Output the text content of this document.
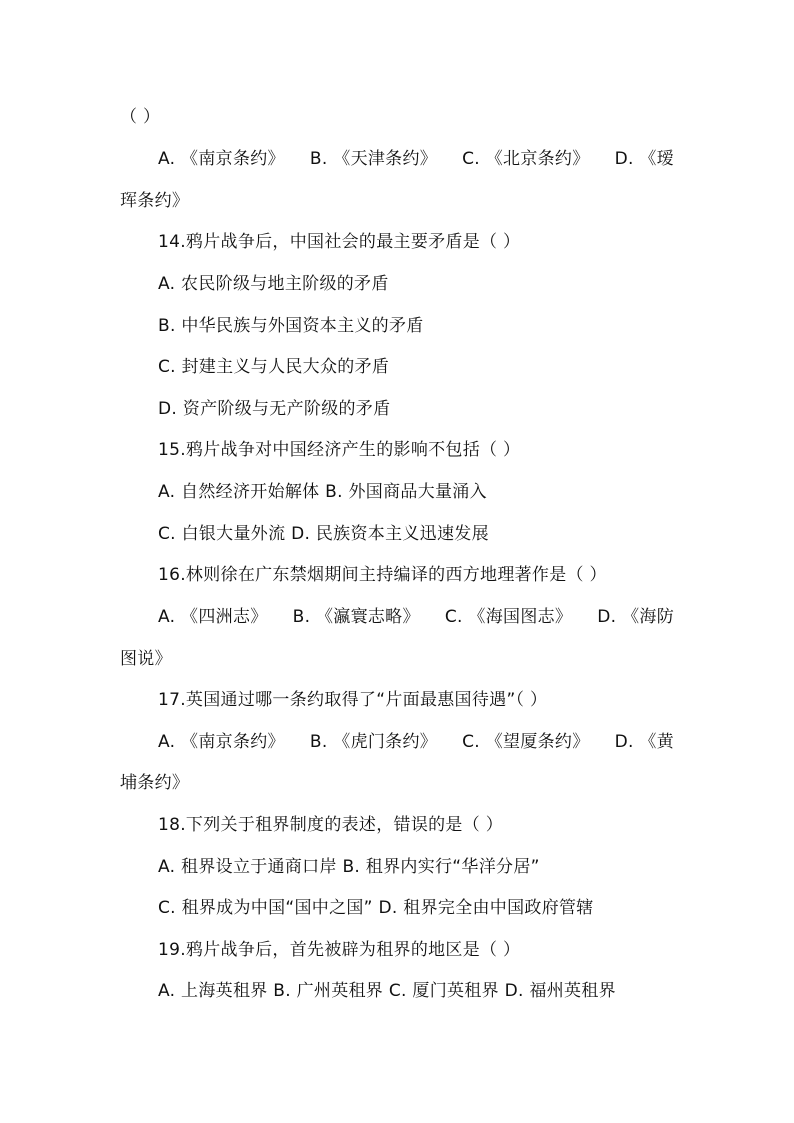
（ ）
A. 《南京条约》 B. 《天津条约》 C. 《北京条约》 D. 《瑷
珲条约》
14.鸦片战争后，中国社会的最主要矛盾是（ ）
A. 农民阶级与地主阶级的矛盾
B. 中华民族与外国资本主义的矛盾
C. 封建主义与人民大众的矛盾
D. 资产阶级与无产阶级的矛盾
15.鸦片战争对中国经济产生的影响不包括（ ）
A. 自然经济开始解体 B. 外国商品大量涌入
C. 白银大量外流 D. 民族资本主义迅速发展
16.林则徐在广东禁烟期间主持编译的西方地理著作是（ ）
A. 《四洲志》 B. 《瀛寰志略》 C. 《海国图志》 D. 《海防
图说》
17.英国通过哪一条约取得了“片面最惠国待遇”（ ）
A. 《南京条约》 B. 《虎门条约》 C. 《望厦条约》 D. 《黄
埔条约》
18.下列关于租界制度的表述，错误的是（ ）
A. 租界设立于通商口岸 B. 租界内实行“华洋分居”
C. 租界成为中国“国中之国” D. 租界完全由中国政府管辖
19.鸦片战争后，首先被辟为租界的地区是（ ）
A. 上海英租界 B. 广州英租界 C. 厦门英租界 D. 福州英租界
